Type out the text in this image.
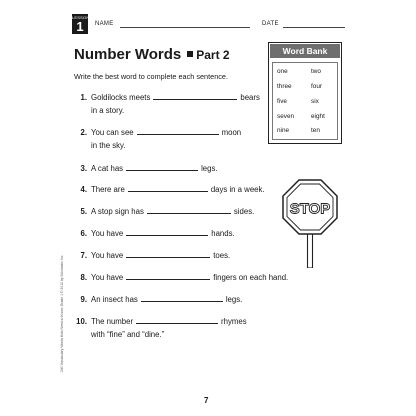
LESSON
1	NAME	DATE
Number Words Part 2
Write the best word to complete each sentence.
1. Goldilocks meets	bears
in a story.
2. You can see	moon
in the sky.
3. A cat has	legs.
4. There are	days in a week.
5. A stop sign has	sides.
6. You have	hands.
7. You have	toes.
8. You have	fingers on each hand.
9. An insect has	legs.
10. The number	rhymes
with “fine” and “dine.”
Word Bank
one	two
three	four
five	six
seven	eight
nine	ten
STOP
7
240 Vocabulary Words Kids Need to Know: Grade 1 © 2012 by Scholastic Inc.
